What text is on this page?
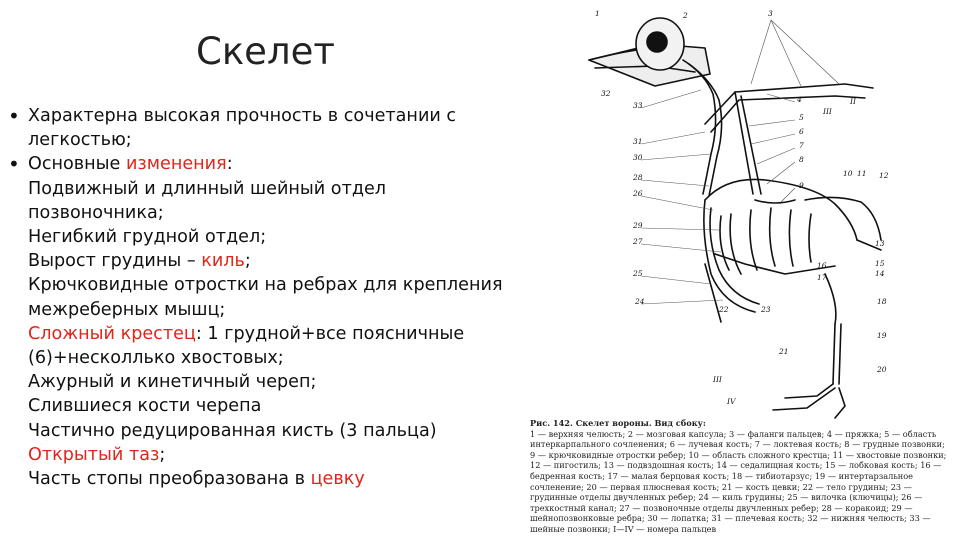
Скелет
• Характерна высокая прочность в сочетании с легкостью;
• Основные изменения:
Подвижный и длинный шейный отдел позвоночника;
Негибкий грудной отдел;
Вырост грудины – киль;
Крючковидные отростки на ребрах для крепления межреберных мышц;
Сложный крестец: 1 грудной+все поясничные (6)+несколлько хвостовых;
Ажурный и кинетичный череп;
Слившиеся кости черепа
Частично редуцированная кисть (3 пальца)
Открытый таз;
Часть стопы преобразована в цевку
1	2	3
4
5
6
7
8
9
10 11 12
13
14
15
16
17
18
19
20
21
22	23
24
25
26
27
28
29
30
31
32
33	II
III
III
IV
Рис. 142. Скелет вороны. Вид сбоку:
1 — верхняя челюсть; 2 — мозговая капсула; 3 — фаланги пальцев; 4 — пряжка; 5 — область интеркарпального сочленения; 6 — лучевая кость; 7 — локтевая кость; 8 — грудные позвонки; 9 — крючковидные отростки ребер; 10 — область сложного крестца; 11 — хвостовые позвонки; 12 — пигостиль; 13 — подвздошная кость; 14 — седалищная кость; 15 — лобковая кость; 16 — бедренная кость; 17 — малая берцовая кость; 18 — тибиотарзус; 19 — интертарзальное сочленение; 20 — первая плюсневая кость; 21 — кость цевки; 22 — тело грудины; 23 — грудинные отделы двучленных ребер; 24 — киль грудины; 25 — вилочка (ключицы); 26 — трехкостный канал; 27 — позвоночные отделы двучленных ребер; 28 — коракоид; 29 — шейнопозвонковые ребра; 30 — лопатка; 31 — плечевая кость; 32 — нижняя челюсть; 33 — шейные позвонки; I—IV — номера пальцев
